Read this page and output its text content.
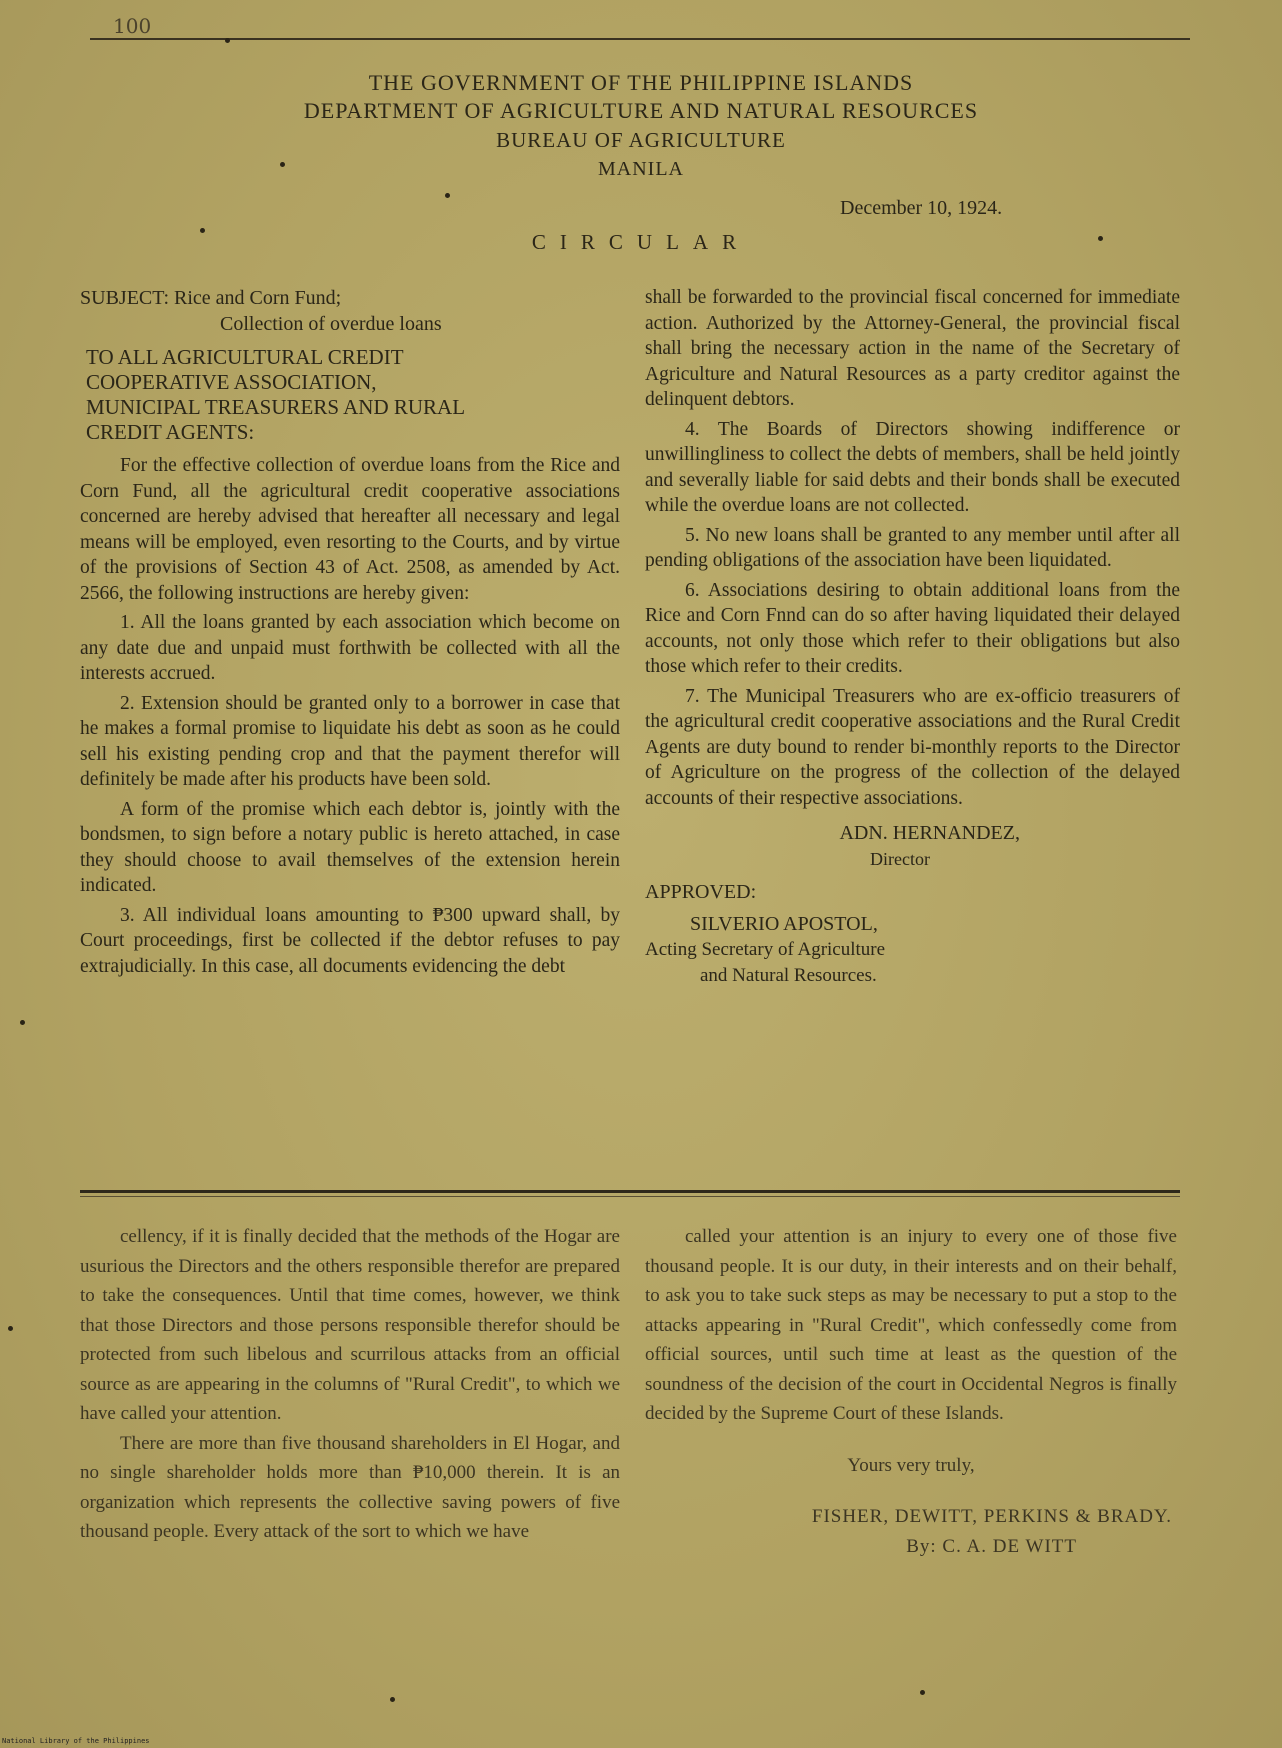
100
THE GOVERNMENT OF THE PHILIPPINE ISLANDS
DEPARTMENT OF AGRICULTURE AND NATURAL RESOURCES
BUREAU OF AGRICULTURE
MANILA
December 10, 1924.
CIRCULAR
SUBJECT: Rice and Corn Fund;
Collection of overdue loans
TO ALL AGRICULTURAL CREDIT COOPERATIVE ASSOCIATION, MUNICIPAL TREASURERS AND RURAL CREDIT AGENTS:

For the effective collection of overdue loans from the Rice and Corn Fund, all the agricultural credit cooperative associations concerned are hereby advised that hereafter all necessary and legal means will be employed, even resorting to the Courts, and by virtue of the provisions of Section 43 of Act. 2508, as amended by Act. 2566, the following instructions are hereby given:

1. All the loans granted by each association which become on any date due and unpaid must forthwith be collected with all the interests accrued.

2. Extension should be granted only to a borrower in case that he makes a formal promise to liquidate his debt as soon as he could sell his existing pending crop and that the payment therefor will definitely be made after his products have been sold.

A form of the promise which each debtor is, jointly with the bondsmen, to sign before a notary public is hereto attached, in case they should choose to avail themselves of the extension herein indicated.

3. All individual loans amounting to ₱300 upward shall, by Court proceedings, first be collected if the debtor refuses to pay extrajudicially. In this case, all documents evidencing the debt

shall be forwarded to the provincial fiscal concerned for immediate action. Authorized by the Attorney-General, the provincial fiscal shall bring the necessary action in the name of the Secretary of Agriculture and Natural Resources as a party creditor against the delinquent debtors.

4. The Boards of Directors showing indifference or unwillingliness to collect the debts of members, shall be held jointly and severally liable for said debts and their bonds shall be executed while the overdue loans are not collected.

5. No new loans shall be granted to any member until after all pending obligations of the association have been liquidated.

6. Associations desiring to obtain additional loans from the Rice and Corn Fnnd can do so after having liquidated their delayed accounts, not only those which refer to their obligations but also those which refer to their credits.

7. The Municipal Treasurers who are ex-officio treasurers of the agricultural credit cooperative associations and the Rural Credit Agents are duty bound to render bi-monthly reports to the Director of Agriculture on the progress of the collection of the delayed accounts of their respective associations.

ADN. HERNANDEZ,
Director
APPROVED:
SILVERIO APOSTOL,
Acting Secretary of Agriculture
and Natural Resources.

cellency, if it is finally decided that the methods of the Hogar are usurious the Directors and the others responsible therefor are prepared to take the consequences. Until that time comes, however, we think that those Directors and those persons responsible therefor should be protected from such libelous and scurrilous attacks from an official source as are appearing in the columns of "Rural Credit", to which we have called your attention.

There are more than five thousand shareholders in El Hogar, and no single shareholder holds more than ₱10,000 therein. It is an organization which represents the collective saving powers of five thousand people. Every attack of the sort to which we have

called your attention is an injury to every one of those five thousand people. It is our duty, in their interests and on their behalf, to ask you to take suck steps as may be necessary to put a stop to the attacks appearing in "Rural Credit", which confessedly come from official sources, until such time at least as the question of the soundness of the decision of the court in Occidental Negros is finally decided by the Supreme Court of these Islands.

Yours very truly,
FISHER, DEWITT, PERKINS & BRADY.
By: C. A. DE WITT
National Library of the Philippines
